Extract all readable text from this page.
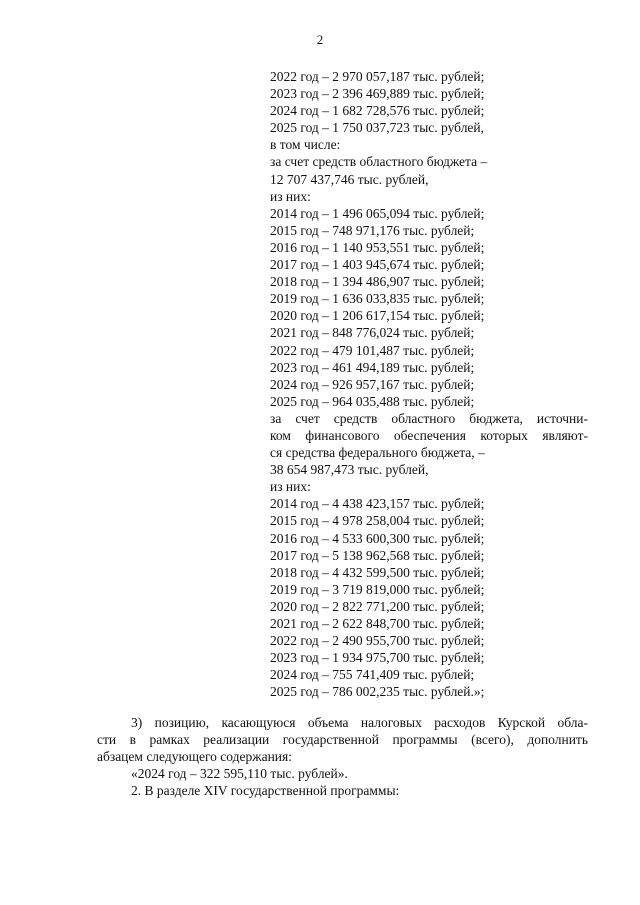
2
2022 год – 2 970 057,187 тыс. рублей;
2023 год – 2 396 469,889 тыс. рублей;
2024 год – 1 682 728,576 тыс. рублей;
2025 год – 1 750 037,723 тыс. рублей,
в том числе:
за счет средств областного бюджета –
12 707 437,746 тыс. рублей,
из них:
2014 год – 1 496 065,094 тыс. рублей;
2015 год – 748 971,176 тыс. рублей;
2016 год – 1 140 953,551 тыс. рублей;
2017 год – 1 403 945,674 тыс. рублей;
2018 год – 1 394 486,907 тыс. рублей;
2019 год – 1 636 033,835 тыс. рублей;
2020 год – 1 206 617,154 тыс. рублей;
2021 год – 848 776,024 тыс. рублей;
2022 год – 479 101,487 тыс. рублей;
2023 год – 461 494,189 тыс. рублей;
2024 год – 926 957,167 тыс. рублей;
2025 год – 964 035,488 тыс. рублей;
за счет средств областного бюджета, источни-
ком финансового обеспечения которых являют-
ся средства федерального бюджета, –
38 654 987,473 тыс. рублей,
из них:
2014 год – 4 438 423,157 тыс. рублей;
2015 год – 4 978 258,004 тыс. рублей;
2016 год – 4 533 600,300 тыс. рублей;
2017 год – 5 138 962,568 тыс. рублей;
2018 год – 4 432 599,500 тыс. рублей;
2019 год – 3 719 819,000 тыс. рублей;
2020 год – 2 822 771,200 тыс. рублей;
2021 год – 2 622 848,700 тыс. рублей;
2022 год – 2 490 955,700 тыс. рублей;
2023 год – 1 934 975,700 тыс. рублей;
2024 год – 755 741,409 тыс. рублей;
2025 год – 786 002,235 тыс. рублей.»;
3) позицию, касающуюся объема налоговых расходов Курской обла-
сти в рамках реализации государственной программы (всего), дополнить
абзацем следующего содержания:
«2024 год – 322 595,110 тыс. рублей».
2. В разделе XIV государственной программы:
